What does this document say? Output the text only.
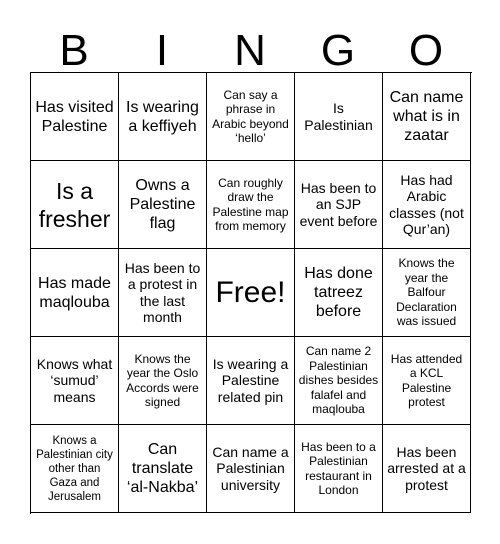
B	I	N	G	O
Has visited Palestine
Is wearing a keffiyeh
Can say a phrase in Arabic beyond ‘hello’
Is Palestinian
Can name what is in zaatar
Is a fresher
Owns a Palestine flag
Can roughly draw the Palestine map from memory
Has been to an SJP event before
Has had Arabic classes (not Qur’an)
Has made maqlouba
Has been to a protest in the last month
Free!
Has done tatreez before
Knows the year the Balfour Declaration was issued
Knows what ‘sumud’ means
Knows the year the Oslo Accords were signed
Is wearing a Palestine related pin
Can name 2 Palestinian dishes besides falafel and maqlouba
Has attended a KCL Palestine protest
Knows a Palestinian city other than Gaza and Jerusalem
Can translate ‘al-Nakba’
Can name a Palestinian university
Has been to a Palestinian restaurant in London
Has been arrested at a protest
